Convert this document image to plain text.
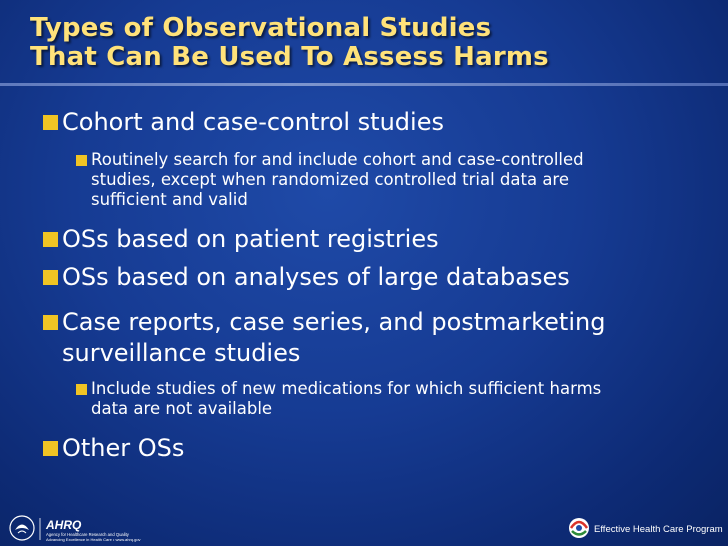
Types of Observational Studies
That Can Be Used To Assess Harms
Cohort and case-control studies
Routinely search for and include cohort and case-controlled
studies, except when randomized controlled trial data are
sufficient and valid
OSs based on patient registries
OSs based on analyses of large databases
Case reports, case series, and postmarketing
surveillance studies
Include studies of new medications for which sufficient harms
data are not available
Other OSs
AHRQ
Agency for Healthcare Research and Quality
Advancing Excellence in Health Care • www.ahrq.gov
Effective Health Care Program
